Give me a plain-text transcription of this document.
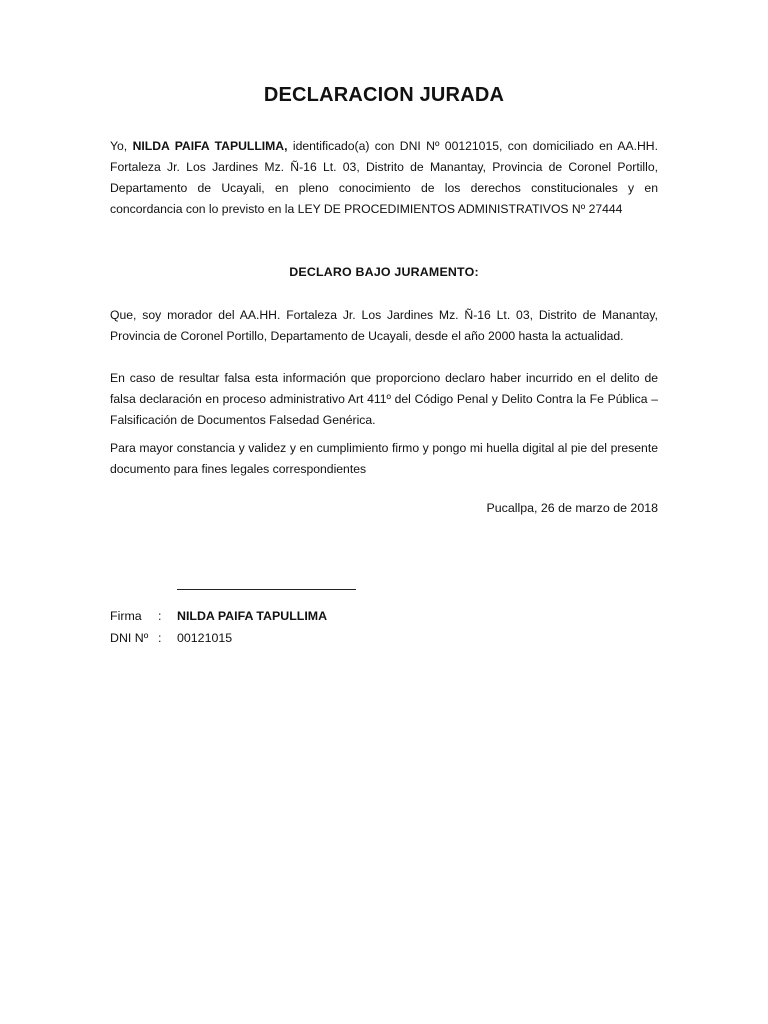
DECLARACION JURADA
Yo, NILDA PAIFA TAPULLIMA, identificado(a) con DNI Nº 00121015, con domiciliado en AA.HH. Fortaleza Jr. Los Jardines Mz. Ñ-16 Lt. 03, Distrito de Manantay, Provincia de Coronel Portillo, Departamento de Ucayali, en pleno conocimiento de los derechos constitucionales y en concordancia con lo previsto en la LEY DE PROCEDIMIENTOS ADMINISTRATIVOS Nº 27444
DECLARO BAJO JURAMENTO:
Que, soy morador del AA.HH. Fortaleza Jr. Los Jardines Mz. Ñ-16 Lt. 03, Distrito de Manantay, Provincia de Coronel Portillo, Departamento de Ucayali, desde el año 2000 hasta la actualidad.
En caso de resultar falsa esta información que proporciono declaro haber incurrido en el delito de falsa declaración en proceso administrativo Art 411º del Código Penal y Delito Contra la Fe Pública – Falsificación de Documentos Falsedad Genérica.
Para mayor constancia y validez y en cumplimiento firmo y pongo mi huella digital al pie del presente documento para fines legales correspondientes
Pucallpa, 26 de marzo de 2018
Firma	: NILDA PAIFA TAPULLIMA
DNI Nº : 00121015
